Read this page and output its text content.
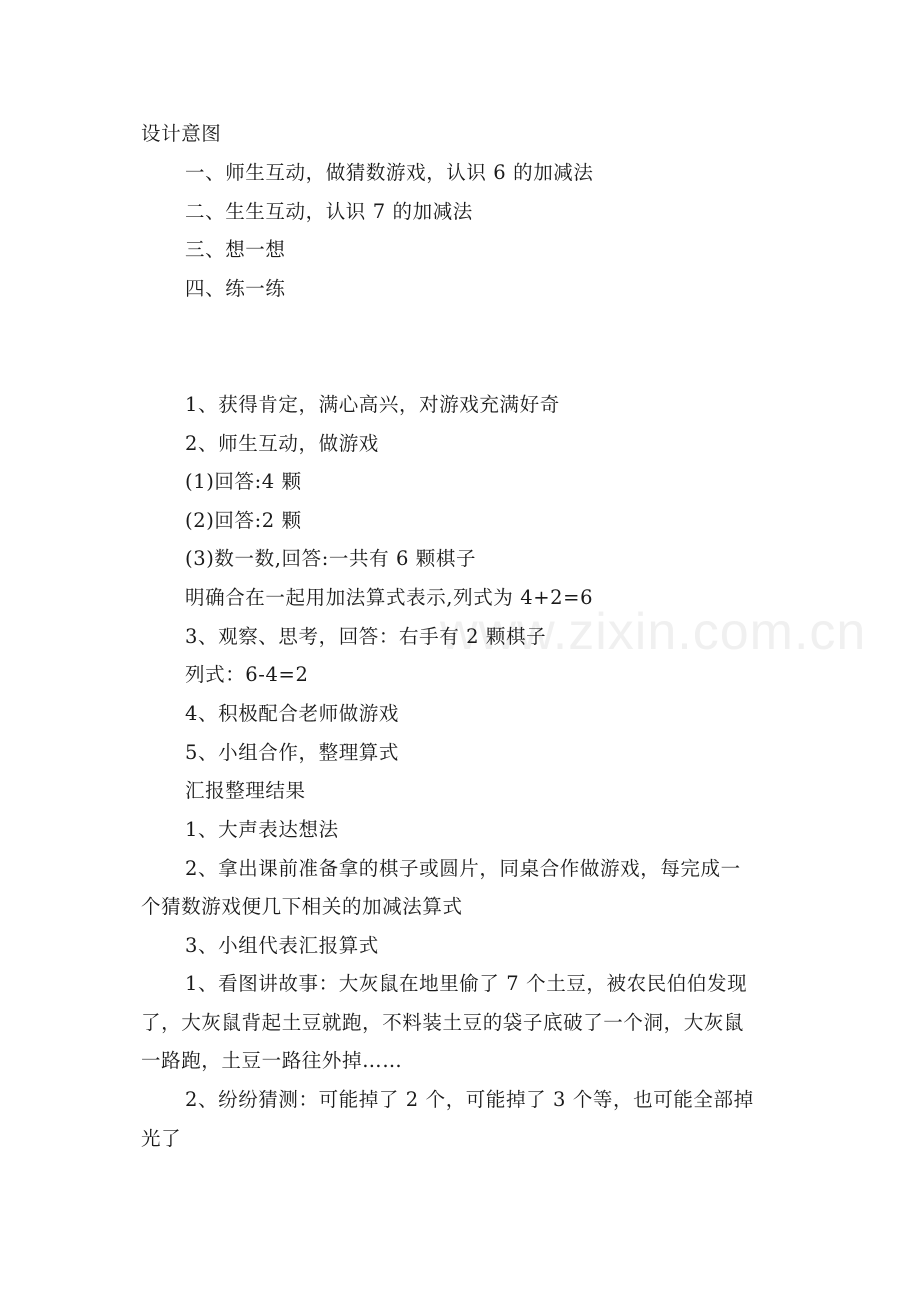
www.zixin.com.cn
设计意图
一、师生互动，做猜数游戏，认识 6 的加减法
二、生生互动，认识 7 的加减法
三、想一想
四、练一练
1、获得肯定，满心高兴，对游戏充满好奇
2、师生互动，做游戏
(1)回答:4 颗
(2)回答:2 颗
(3)数一数,回答:一共有 6 颗棋子
明确合在一起用加法算式表示,列式为 4+2=6
3、观察、思考，回答：右手有 2 颗棋子
列式：6-4=2
4、积极配合老师做游戏
5、小组合作，整理算式
汇报整理结果
1、大声表达想法
2、拿出课前准备拿的棋子或圆片，同桌合作做游戏，每完成一
个猜数游戏便几下相关的加减法算式
3、小组代表汇报算式
1、看图讲故事：大灰鼠在地里偷了 7 个土豆，被农民伯伯发现
了，大灰鼠背起土豆就跑，不料装土豆的袋子底破了一个洞，大灰鼠
一路跑，土豆一路往外掉……
2、纷纷猜测：可能掉了 2 个，可能掉了 3 个等，也可能全部掉
光了
